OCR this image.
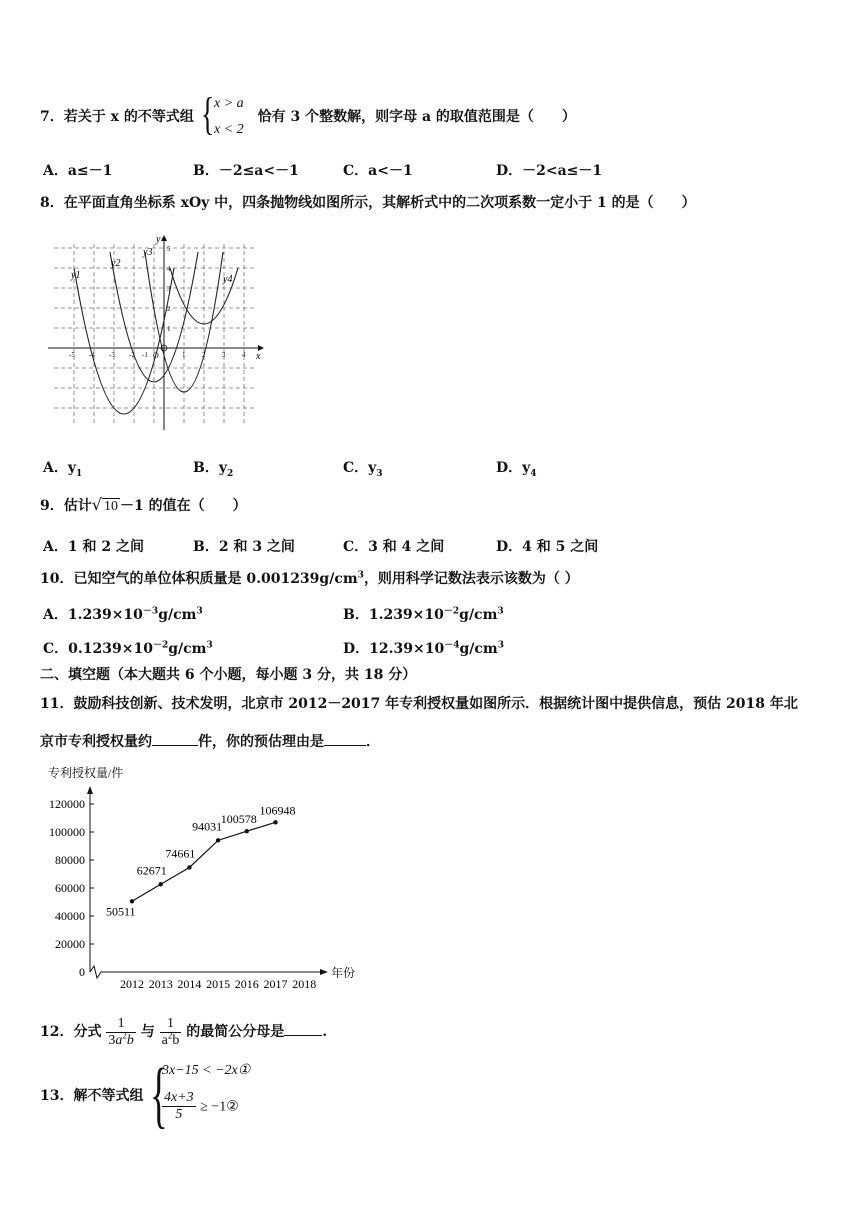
7．若关于 x 的不等式组	恰有 3 个整数解，则字母 a 的取值范围是（　　）
{ x > a
x < 2
A．a≤－1	B．－2≤a<－1	C．a<－1	D．－2<a≤－1
8．在平面直角坐标系 xOy 中，四条抛物线如图所示，其解析式中的二次项系数一定小于 1 的是（　　）
y1
y2
y3
y4
x
y
O
-5 -4 -3 -2 -1	1 2 3 4
5
4
3
2
1
A．$y_1$	B．$y_2$	C．$y_3$	D．$y_4$
9．估计√ 10 －1 的值在（　　）
A．1 和 2 之间	B．2 和 3 之间	C．3 和 4 之间	D．4 和 5 之间
10．已知空气的单位体积质量是 $0.001239g/cm^3$，则用科学记数法表示该数为（ ）
A．$1.239\times 10^{-3}g/cm^3$	B．$1.239\times 10^{-2}g/cm^3$
C．$0.1239\times 10^{-2}g/cm^3$	D．$12.39\times 10^{-4}g/cm^3$
二、填空题（本大题共 6 个小题，每小题 3 分，共 18 分）
11．鼓励科技创新、技术发明，北京市 2012－2017 年专利授权量如图所示．根据统计图中提供信息，预估 2018 年北
京市专利授权量约	件，你的预估理由是	．
专利授权量/件
年份
0
20000
40000
60000
80000
100000
120000
2012 2013 2014 2015 2016 2017 2018
50511
62671
74661
94031
100578
106948
12．分式 $\frac{1}{3a^2b}$ 与 $\frac{1}{a^2b}$ 的最简公分母是	.
13．解不等式组 {
3x−15 < −2x①
$\frac{4x+3}{5}$ ≥ −1②
